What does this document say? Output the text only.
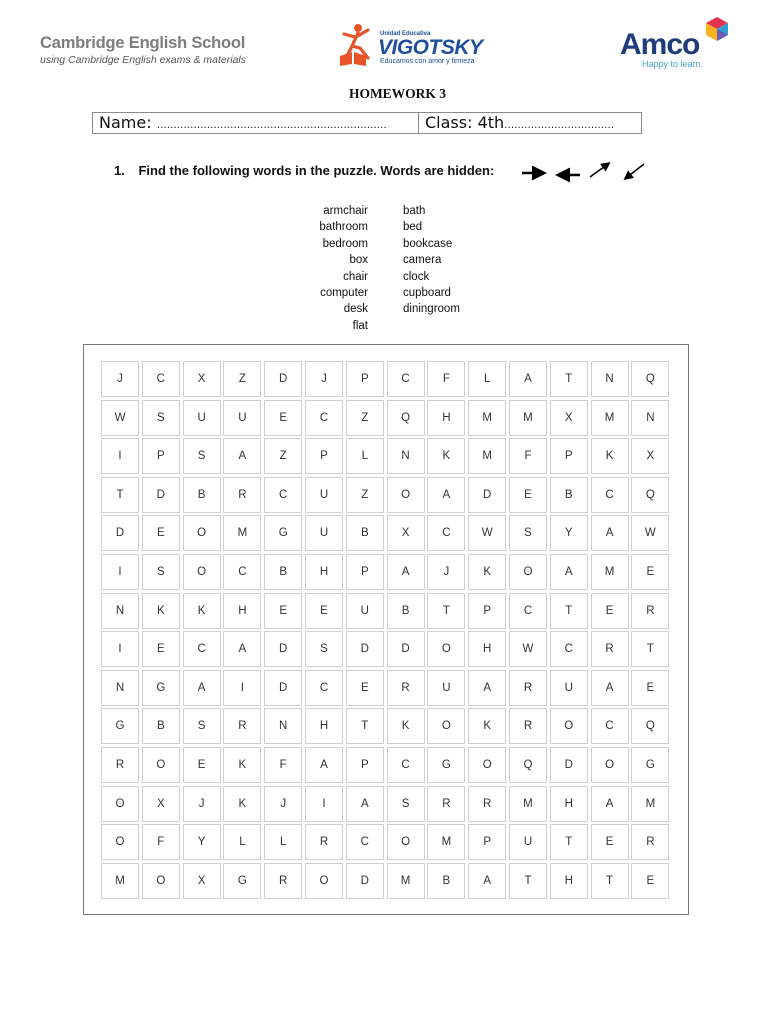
Cambridge English School
using Cambridge English exams & materials
Unidad Educativa
VIGOTSKY
Educamos con amor y firmeza
Amco
Happy to learn.
HOMEWORK 3
Name: ……………………………………………………………	Class: 4th……………………………
1. Find the following words in the puzzle. Words are hidden:
armchair
bathroom
bedroom
box
chair
computer
desk
flat
bath
bed
bookcase
camera
clock
cupboard
diningroom
J	C	X	Z	D	J	P	C	F	L	A	T	N	Q
W	S	U	U	E	C	Z	Q	H	M	M	X	M	N
I	P	S	A	Z	P	L	N	K	M	F	P	K	X
T	D	B	R	C	U	Z	O	A	D	E	B	C	Q
D	E	O	M	G	U	B	X	C	W	S	Y	A	W
I	S	O	C	B	H	P	A	J	K	O	A	M	E
N	K	K	H	E	E	U	B	T	P	C	T	E	R
I	E	C	A	D	S	D	D	O	H	W	C	R	T
N	G	A	I	D	C	E	R	U	A	R	U	A	E
G	B	S	R	N	H	T	K	O	K	R	O	C	Q
R	O	E	K	F	A	P	C	G	O	Q	D	O	G
O	X	J	K	J	I	A	S	R	R	M	H	A	M
O	F	Y	L	L	R	C	O	M	P	U	T	E	R
M	O	X	G	R	O	D	M	B	A	T	H	T	E
